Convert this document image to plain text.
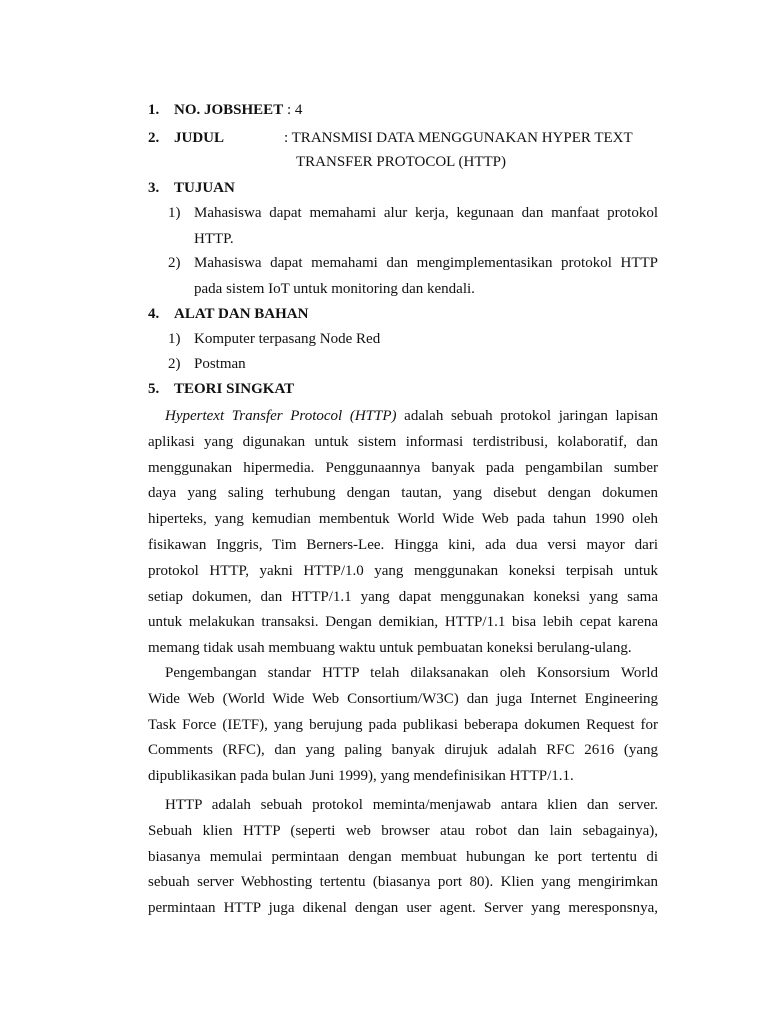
1. NO. JOBSHEET : 4
2. JUDUL	: TRANSMISI DATA MENGGUNAKAN HYPER TEXT
TRANSFER PROTOCOL (HTTP)
3. TUJUAN
1) Mahasiswa dapat memahami alur kerja, kegunaan dan manfaat protokol
HTTP.
2) Mahasiswa dapat memahami dan mengimplementasikan protokol HTTP
pada sistem IoT untuk monitoring dan kendali.
4. ALAT DAN BAHAN
1) Komputer terpasang Node Red
2) Postman
5. TEORI SINGKAT
Hypertext Transfer Protocol (HTTP) adalah sebuah protokol jaringan lapisan
aplikasi yang digunakan untuk sistem informasi terdistribusi, kolaboratif, dan
menggunakan hipermedia. Penggunaannya banyak pada pengambilan sumber
daya yang saling terhubung dengan tautan, yang disebut dengan dokumen
hiperteks, yang kemudian membentuk World Wide Web pada tahun 1990 oleh
fisikawan Inggris, Tim Berners-Lee. Hingga kini, ada dua versi mayor dari
protokol HTTP, yakni HTTP/1.0 yang menggunakan koneksi terpisah untuk
setiap dokumen, dan HTTP/1.1 yang dapat menggunakan koneksi yang sama
untuk melakukan transaksi. Dengan demikian, HTTP/1.1 bisa lebih cepat karena
memang tidak usah membuang waktu untuk pembuatan koneksi berulang-ulang.
Pengembangan standar HTTP telah dilaksanakan oleh Konsorsium World
Wide Web (World Wide Web Consortium/W3C) dan juga Internet Engineering
Task Force (IETF), yang berujung pada publikasi beberapa dokumen Request for
Comments (RFC), dan yang paling banyak dirujuk adalah RFC 2616 (yang
dipublikasikan pada bulan Juni 1999), yang mendefinisikan HTTP/1.1.
HTTP adalah sebuah protokol meminta/menjawab antara klien dan server.
Sebuah klien HTTP (seperti web browser atau robot dan lain sebagainya),
biasanya memulai permintaan dengan membuat hubungan ke port tertentu di
sebuah server Webhosting tertentu (biasanya port 80). Klien yang mengirimkan
permintaan HTTP juga dikenal dengan user agent. Server yang meresponsnya,
